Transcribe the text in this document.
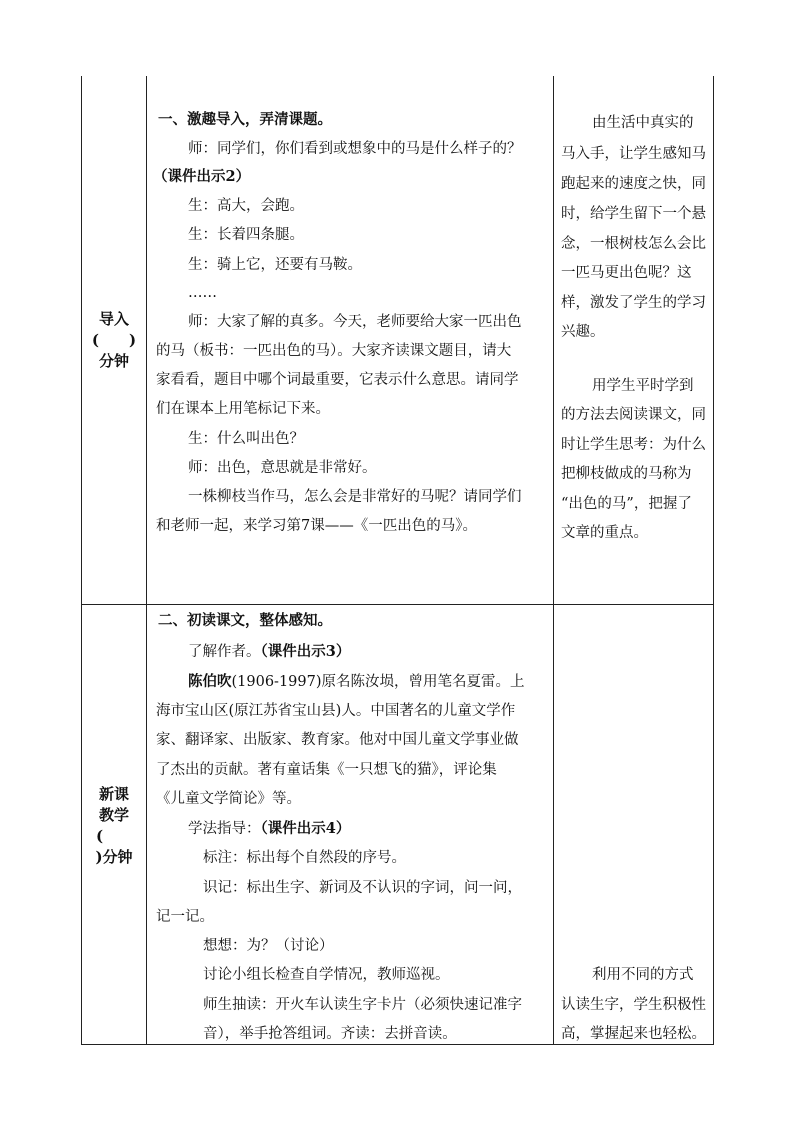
导入
(　　)
分钟
一、激趣导入，弄清课题。
师：同学们，你们看到或想象中的马是什么样子的？
（课件出示2）
生：高大，会跑。
生：长着四条腿。
生：骑上它，还要有马鞍。
……
师：大家了解的真多。今天，老师要给大家一匹出色
的马（板书：一匹出色的马）。大家齐读课文题目，请大
家看看，题目中哪个词最重要，它表示什么意思。请同学
们在课本上用笔标记下来。
生：什么叫出色？
师：出色，意思就是非常好。
一株柳枝当作马，怎么会是非常好的马呢？请同学们
和老师一起，来学习第7课——《一匹出色的马》。
由生活中真实的
马入手，让学生感知马
跑起来的速度之快，同
时，给学生留下一个悬
念，一根树枝怎么会比
一匹马更出色呢？这
样，激发了学生的学习
兴趣。
用学生平时学到
的方法去阅读课文，同
时让学生思考：为什么
把柳枝做成的马称为
“出色的马”，把握了
文章的重点。
新课
教学
(
)分钟
二、初读课文，整体感知。
了解作者。（课件出示3）
陈伯吹(1906-1997)原名陈汝埙，曾用笔名夏雷。上
海市宝山区(原江苏省宝山县)人。中国著名的儿童文学作
家、翻译家、出版家、教育家。他对中国儿童文学事业做
了杰出的贡献。著有童话集《一只想飞的猫》，评论集
《儿童文学简论》等。
学法指导：（课件出示4）
标注：标出每个自然段的序号。
识记：标出生字、新词及不认识的字词，问一问，
记一记。
想想：为？（讨论）
讨论小组长检查自学情况，教师巡视。
师生抽读：开火车认读生字卡片（必须快速记准字
音），举手抢答组词。齐读：去拼音读。
利用不同的方式
认读生字，学生积极性
高，掌握起来也轻松。
